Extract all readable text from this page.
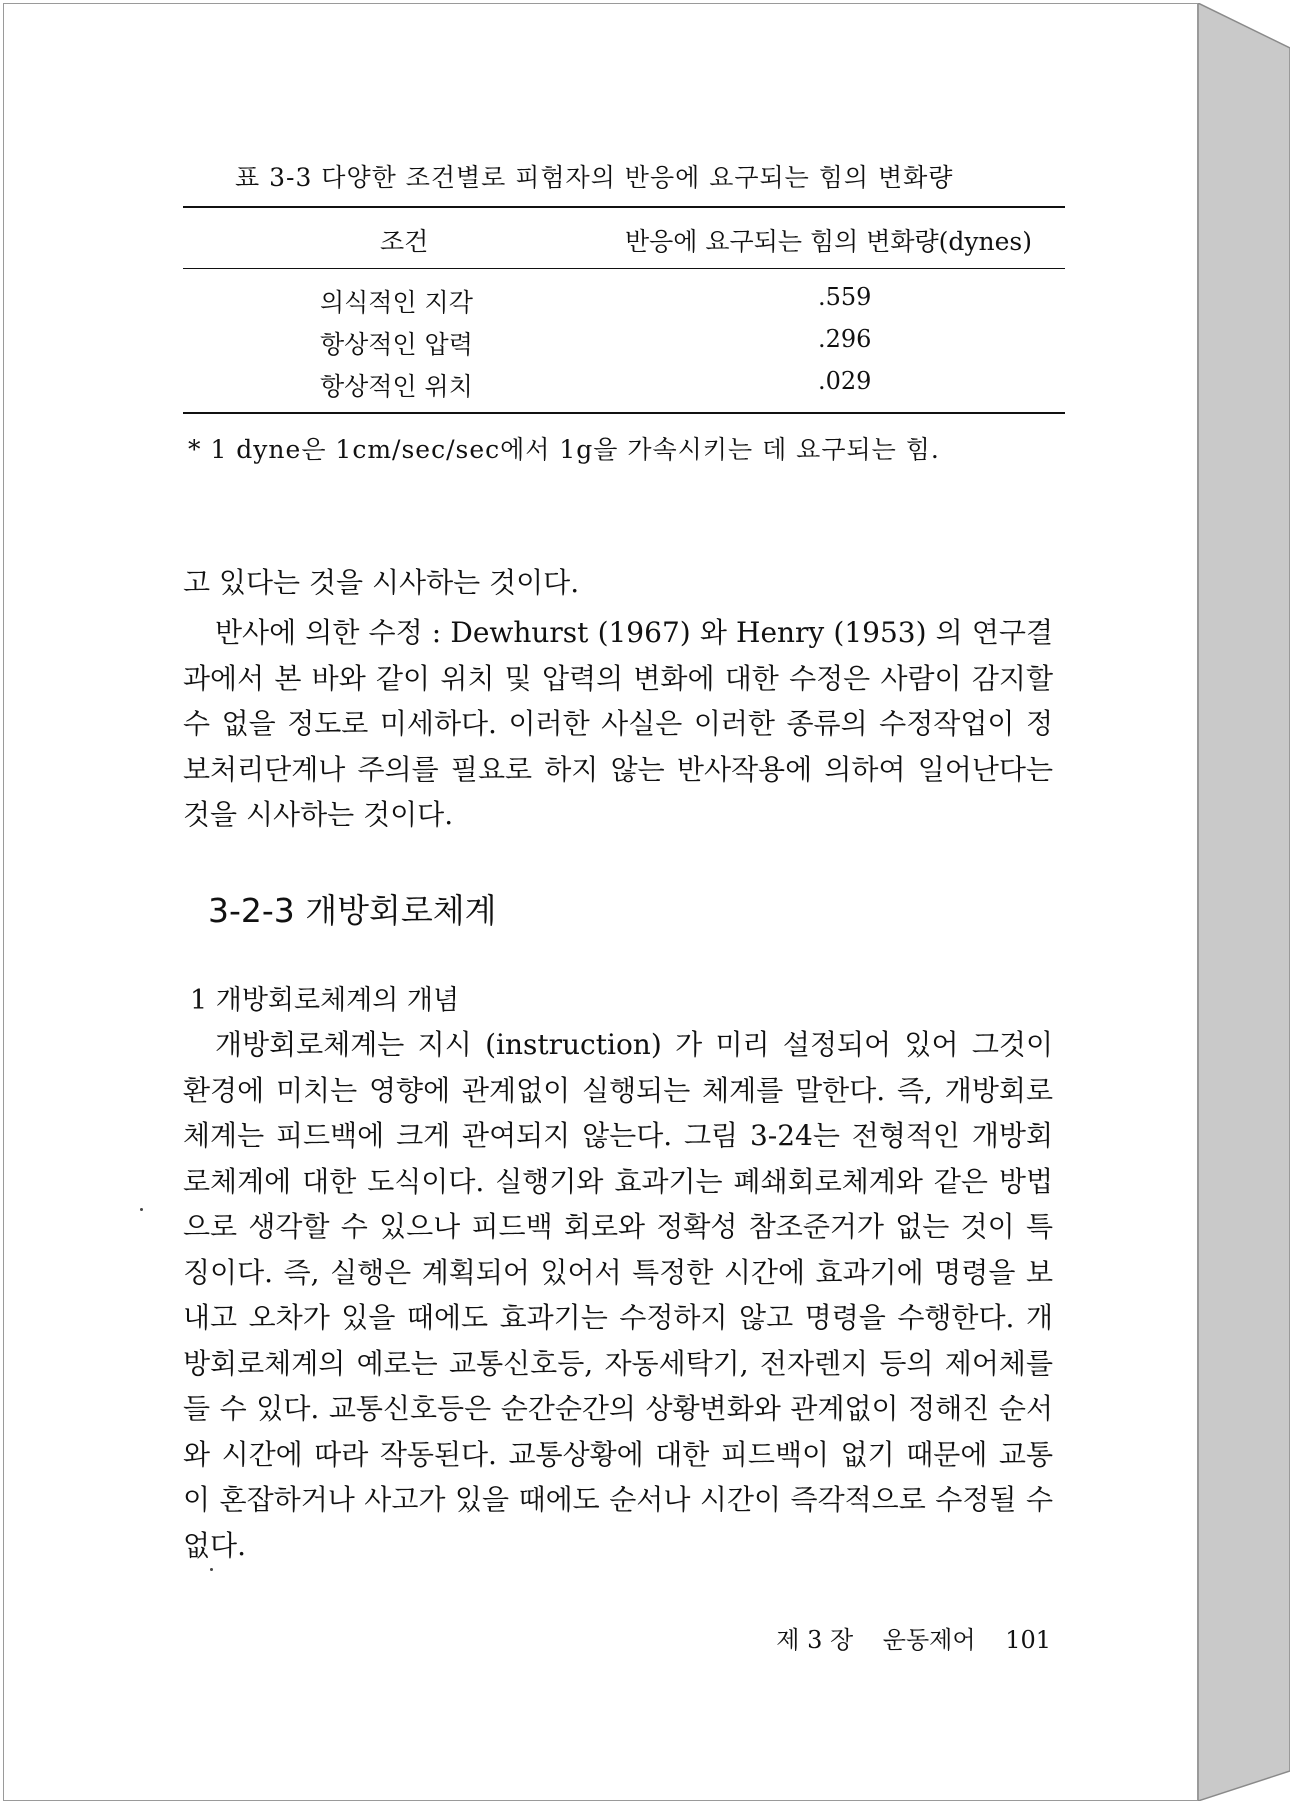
표 3-3 다양한 조건별로 피험자의 반응에 요구되는 힘의 변화량
조건	반응에 요구되는 힘의 변화량(dynes)
의식적인 지각	.559
항상적인 압력	.296
항상적인 위치	.029
* 1 dyne은 1cm/sec/sec에서 1g을 가속시키는 데 요구되는 힘.

고 있다는 것을 시사하는 것이다.

반사에 의한 수정 : Dewhurst (1967) 와 Henry (1953) 의 연구결과에서 본 바와 같이 위치 및 압력의 변화에 대한 수정은 사람이 감지할 수 없을 정도로 미세하다. 이러한 사실은 이러한 종류의 수정작업이 정보처리단계나 주의를 필요로 하지 않는 반사작용에 의하여 일어난다는 것을 시사하는 것이다.

3-2-3 개방회로체계
1 개방회로체계의 개념

개방회로체계는 지시 (instruction) 가 미리 설정되어 있어 그것이 환경에 미치는 영향에 관계없이 실행되는 체계를 말한다. 즉, 개방회로 체계는 피드백에 크게 관여되지 않는다. 그림 3-24는 전형적인 개방회로체계에 대한 도식이다. 실행기와 효과기는 폐쇄회로체계와 같은 방법으로 생각할 수 있으나 피드백 회로와 정확성 참조준거가 없는 것이 특징이다. 즉, 실행은 계획되어 있어서 특정한 시간에 효과기에 명령을 보내고 오차가 있을 때에도 효과기는 수정하지 않고 명령을 수행한다. 개방회로체계의 예로는 교통신호등, 자동세탁기, 전자렌지 등의 제어체를 들 수 있다. 교통신호등은 순간순간의 상황변화와 관계없이 정해진 순서와 시간에 따라 작동된다. 교통상황에 대한 피드백이 없기 때문에 교통이 혼잡하거나 사고가 있을 때에도 순서나 시간이 즉각적으로 수정될 수 없다.

제 3 장 운동제어 101
